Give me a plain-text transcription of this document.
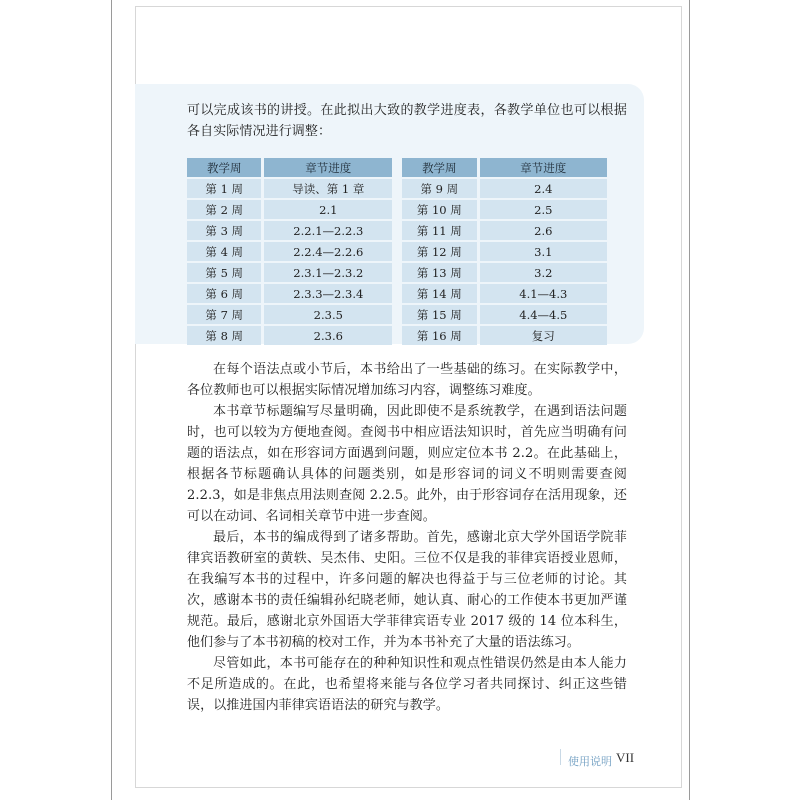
可以完成该书的讲授。在此拟出大致的教学进度表，各教学单位也可以根据各自实际情况进行调整：

教学周	章节进度		教学周	章节进度
第 1 周	导读、第 1 章		第 9 周	2.4
第 2 周	2.1		第 10 周	2.5
第 3 周	2.2.1—2.2.3		第 11 周	2.6
第 4 周	2.2.4—2.2.6		第 12 周	3.1
第 5 周	2.3.1—2.3.2		第 13 周	3.2
第 6 周	2.3.3—2.3.4		第 14 周	4.1—4.3
第 7 周	2.3.5		第 15 周	4.4—4.5
第 8 周	2.3.6		第 16 周	复习

在每个语法点或小节后，本书给出了一些基础的练习。在实际教学中，各位教师也可以根据实际情况增加练习内容，调整练习难度。

本书章节标题编写尽量明确，因此即使不是系统教学，在遇到语法问题时，也可以较为方便地查阅。查阅书中相应语法知识时，首先应当明确有问题的语法点，如在形容词方面遇到问题，则应定位本书 2.2。在此基础上，根据各节标题确认具体的问题类别，如是形容词的词义不明则需要查阅 2.2.3，如是非焦点用法则查阅 2.2.5。此外，由于形容词存在活用现象，还可以在动词、名词相关章节中进一步查阅。

最后，本书的编成得到了诸多帮助。首先，感谢北京大学外国语学院菲律宾语教研室的黄轶、吴杰伟、史阳。三位不仅是我的菲律宾语授业恩师，在我编写本书的过程中，许多问题的解决也得益于与三位老师的讨论。其次，感谢本书的责任编辑孙纪晓老师，她认真、耐心的工作使本书更加严谨规范。最后，感谢北京外国语大学菲律宾语专业 2017 级的 14 位本科生，他们参与了本书初稿的校对工作，并为本书补充了大量的语法练习。

尽管如此，本书可能存在的种种知识性和观点性错误仍然是由本人能力不足所造成的。在此，也希望将来能与各位学习者共同探讨、纠正这些错误，以推进国内菲律宾语语法的研究与教学。

使用说明 VII
